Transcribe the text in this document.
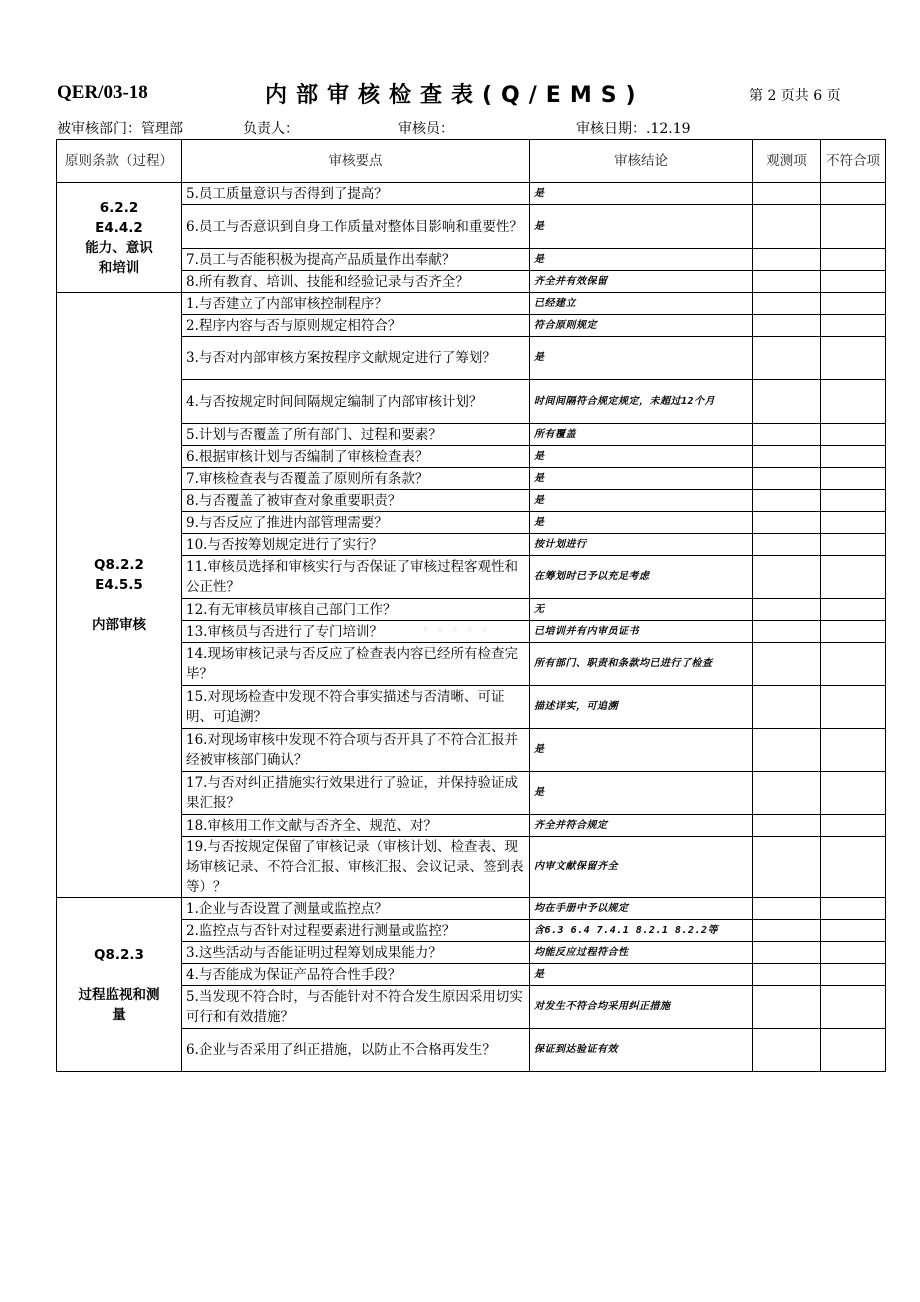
QER/03-18	内部审核检查表(Q/EMS)	第 2 页共 6 页
被审核部门：管理部	负责人：	审核员：	审核日期：.12.19
原则条款（过程）	审核要点	审核结论	观测项	不符合项

6.2.2
E4.4.2
能力、意识
和培训	5.员工质量意识与否得到了提高？	是		
	6.员工与否意识到自身工作质量对整体目影响和重要性？	是		
	7.员工与否能积极为提高产品质量作出奉献？	是		
	8.所有教育、培训、技能和经验记录与否齐全？	齐全并有效保留		

Q8.2.2
E4.5.5

内部审核	1.与否建立了内部审核控制程序？	已经建立		
	2.程序内容与否与原则规定相符合？	符合原则规定		
	3.与否对内部审核方案按程序文献规定进行了筹划？	是		
	4.与否按规定时间间隔规定编制了内部审核计划？	时间间隔符合规定规定，未超过12个月		
	5.计划与否覆盖了所有部门、过程和要素？	所有覆盖		
	6.根据审核计划与否编制了审核检查表？	是		
	7.审核检查表与否覆盖了原则所有条款？	是		
	8.与否覆盖了被审查对象重要职责？	是		
	9.与否反应了推进内部管理需要？	是		
	10.与否按筹划规定进行了实行？	按计划进行		
	11.审核员选择和审核实行与否保证了审核过程客观性和公正性？	在筹划时已予以充足考虑		
	12.有无审核员审核自己部门工作？	无		
	13.审核员与否进行了专门培训？	已培训并有内审员证书		
	14.现场审核记录与否反应了检查表内容已经所有检查完毕？	所有部门、职责和条款均已进行了检查		
	15.对现场检查中发现不符合事实描述与否清晰、可证明、可追溯？	描述详实，可追溯		
	16.对现场审核中发现不符合项与否开具了不符合汇报并经被审核部门确认？	是		
	17.与否对纠正措施实行效果进行了验证，并保持验证成果汇报？	是		
	18.审核用工作文献与否齐全、规范、对？	齐全并符合规定		
	19.与否按规定保留了审核记录（审核计划、检查表、现场审核记录、不符合汇报、审核汇报、会议记录、签到表等）？	内审文献保留齐全		

Q8.2.3

过程监视和测
量	1.企业与否设置了测量或监控点？	均在手册中予以规定		
	2.监控点与否针对过程要素进行测量或监控？	含6.3 6.4 7.4.1 8.2.1 8.2.2等		
	3.这些活动与否能证明过程筹划成果能力？	均能反应过程符合性		
	4.与否能成为保证产品符合性手段？	是		
	5.当发现不符合时，与否能针对不符合发生原因采用切实可行和有效措施？	对发生不符合均采用纠正措施		
	6.企业与否采用了纠正措施，以防止不合格再发生？	保证到达验证有效		
·····
